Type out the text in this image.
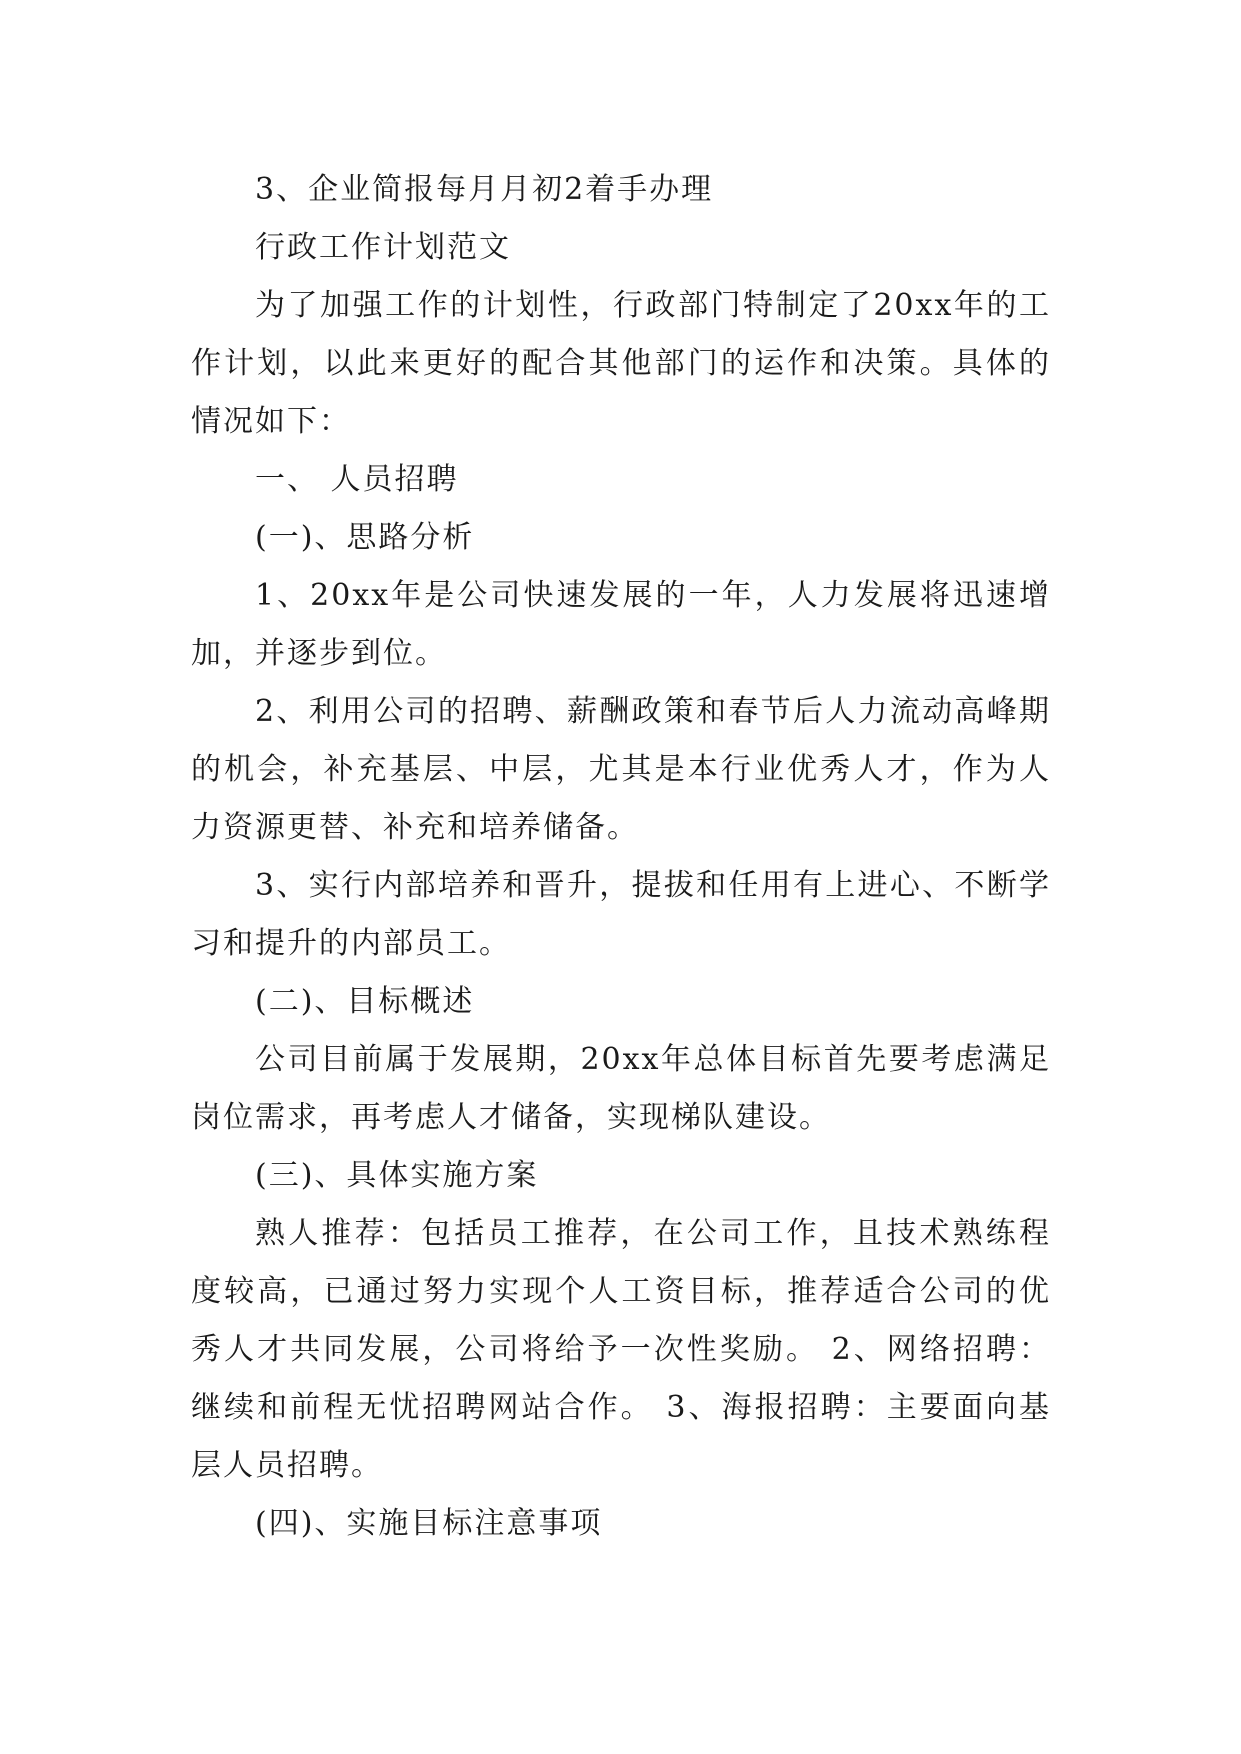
3、企业简报每月月初2着手办理

行政工作计划范文

为了加强工作的计划性，行政部门特制定了20xx年的工作计划，以此来更好的配合其他部门的运作和决策。具体的情况如下：

一、 人员招聘

(一)、思路分析

1、20xx年是公司快速发展的一年，人力发展将迅速增加，并逐步到位。

2、利用公司的招聘、薪酬政策和春节后人力流动高峰期的机会，补充基层、中层，尤其是本行业优秀人才，作为人力资源更替、补充和培养储备。

3、实行内部培养和晋升，提拔和任用有上进心、不断学习和提升的内部员工。

(二)、目标概述

公司目前属于发展期，20xx年总体目标首先要考虑满足岗位需求，再考虑人才储备，实现梯队建设。

(三)、具体实施方案

熟人推荐：包括员工推荐，在公司工作，且技术熟练程度较高，已通过努力实现个人工资目标，推荐适合公司的优秀人才共同发展，公司将给予一次性奖励。 2、网络招聘：继续和前程无忧招聘网站合作。 3、海报招聘：主要面向基层人员招聘。

(四)、实施目标注意事项
